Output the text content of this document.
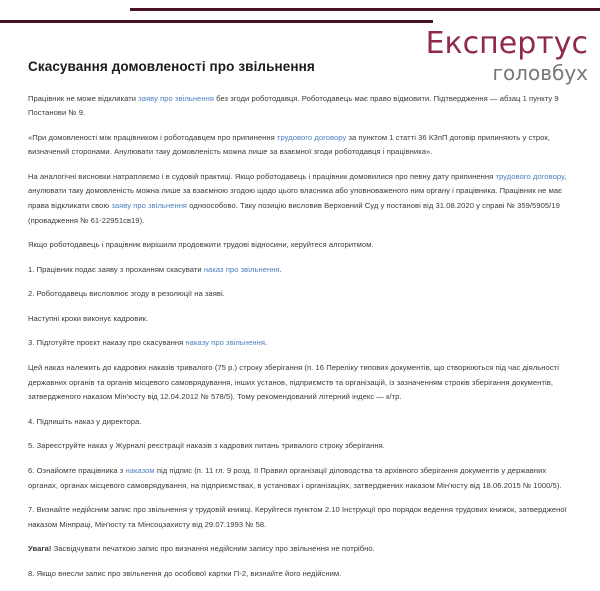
Експертус
головбух
Скасування домовленості про звільнення

Працівник не може відкликати заяву про звільнення без згоди роботодавця. Роботодавець має право відмовити. Підтвердження — абзац 1 пункту 9 Постанови № 9.

«При домовленості між працівником і роботодавцем про припинення трудового договору за пунктом 1 статті 36 КЗпП договір припиняють у строк, визначений сторонами. Анулювати таку домовленість можна лише за взаємної згоди роботодавця і працівника».

На аналогічні висновки натрапляємо і в судовій практиці. Якщо роботодавець і працівник домовилися про певну дату припинення трудового договору, анулювати таку домовленість можна лише за взаємною згодою щодо цього власника або уповноваженого ним органу і працівника. Працівник не має права відкликати свою заяву про звільнення одноособово. Таку позицію висловив Верховний Суд у постанові від 31.08.2020 у справі № 359/5905/19 (провадження № 61-22951св19).

Якщо роботодавець і працівник вирішили продовжити трудові відносини, керуйтеся алгоритмом.

1. Працівник подає заяву з проханням скасувати наказ про звільнення.

2. Роботодавець висловлює згоду в резолюції на заяві.

Наступні кроки виконує кадровик.

3. Підготуйте проєкт наказу про скасування наказу про звільнення.

Цей наказ належить до кадрових наказів тривалого (75 р.) строку зберігання (п. 16 Переліку типових документів, що створюються під час діяльності державних органів та органів місцевого самоврядування, інших установ, підприємств та організацій, із зазначенням строків зберігання документів, затвердженого наказом Мін'юсту від 12.04.2012 № 578/5). Тому рекомендований літерний індекс — к/тр.

4. Підпишіть наказ у директора.

5. Зареєструйте наказ у Журналі реєстрації наказів з кадрових питань тривалого строку зберігання.

6. Ознайомте працівника з наказом під підпис (п. 11 гл. 9 розд. ІІ Правил організації діловодства та архівного зберігання документів у державних органах, органах місцевого самоврядування, на підприємствах, в установах і організаціях, затверджених наказом Мін'юсту від 18.06.2015 № 1000/5).

7. Визнайте недійсним запис про звільнення у трудовій книжці. Керуйтеся пунктом 2.10 Інструкції про порядок ведення трудових книжок, затвердженої наказом Мінпраці, Мін'юсту та Мінсоцзахисту від 29.07.1993 № 58.

Увага! Засвідчувати печаткою запис про визнання недійсним запису про звільнення не потрібно.

8. Якщо внесли запис про звільнення до особової картки П-2, визнайте його недійсним.
